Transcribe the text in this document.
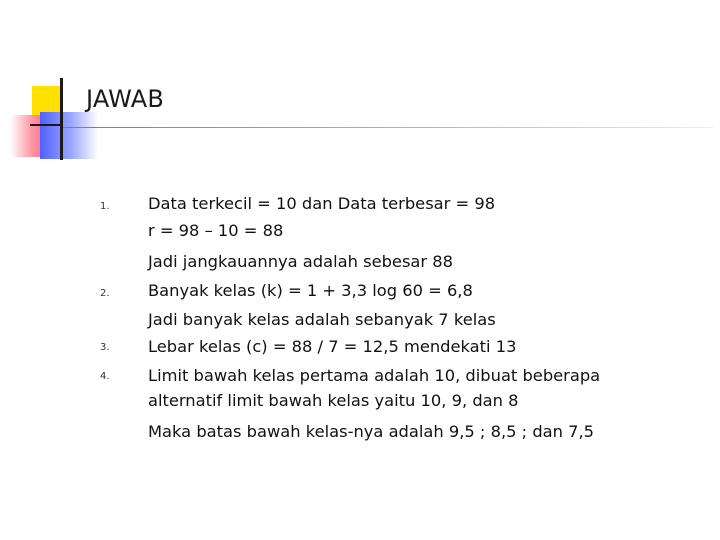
JAWAB
1.
2.
3.
4.
Data terkecil = 10 dan Data terbesar = 98
r = 98 – 10 = 88
Jadi jangkauannya adalah sebesar 88
Banyak kelas (k) = 1 + 3,3 log 60 = 6,8
Jadi banyak kelas adalah sebanyak 7 kelas
Lebar kelas (c) = 88 / 7 = 12,5 mendekati 13
Limit bawah kelas pertama adalah 10, dibuat beberapa
alternatif limit bawah kelas yaitu 10, 9, dan 8
Maka batas bawah kelas-nya adalah 9,5 ; 8,5 ; dan 7,5
